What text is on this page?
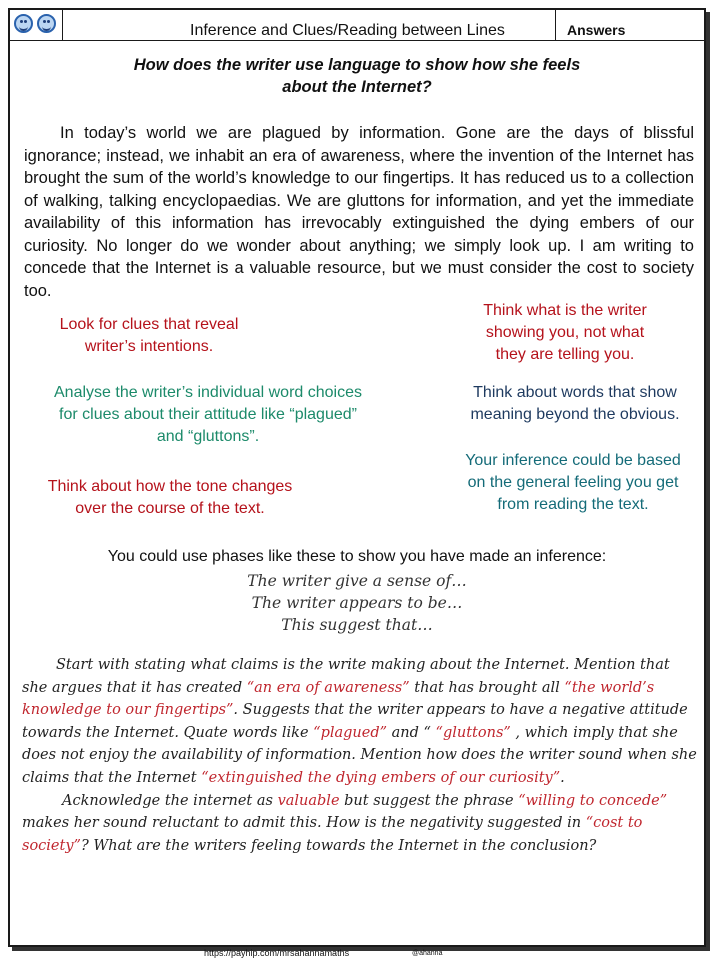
Inference and Clues/Reading between Lines	Answers
How does the writer use language to show how she feels
about the Internet?
In today’s world we are plagued by information. Gone are the days of blissful ignorance; instead, we inhabit an era of awareness, where the invention of the Internet has brought the sum of the world’s knowledge to our fingertips. It has reduced us to a collection of walking, talking encyclopaedias. We are gluttons for information, and yet the immediate availability of this information has irrevocably extinguished the dying embers of our curiosity. No longer do we wonder about anything; we simply look up. I am writing to concede that the Internet is a valuable resource, but we must consider the cost to society too.
Look for clues that reveal
writer’s intentions.
Think what is the writer
showing you, not what
they are telling you.
Analyse the writer’s individual word choices
for clues about their attitude like “plagued”
and “gluttons”.
Think about words that show
meaning beyond the obvious.
Think about how the tone changes
over the course of the text.
Your inference could be based
on the general feeling you get
from reading the text.
You could use phases like these to show you have made an inference:
The writer give a sense of…
The writer appears to be…
This suggest that…
Start with stating what claims is the write making about the Internet. Mention that she argues that it has created “an era of awareness” that has brought all “the world’s knowledge to our fingertips”. Suggests that the writer appears to have a negative attitude towards the Internet. Quate words like “plagued” and “ “gluttons” , which imply that she does not enjoy the availability of information. Mention how does the writer sound when she claims that the Internet “extinguished the dying embers of our curiosity”.
Acknowledge the internet as valuable but suggest the phrase “willing to concede” makes her sound reluctant to admit this. How is the negativity suggested in “cost to society”? What are the writers feeling towards the Internet in the conclusion?
https://payhip.com/mrsahannamaths	@ahanna
